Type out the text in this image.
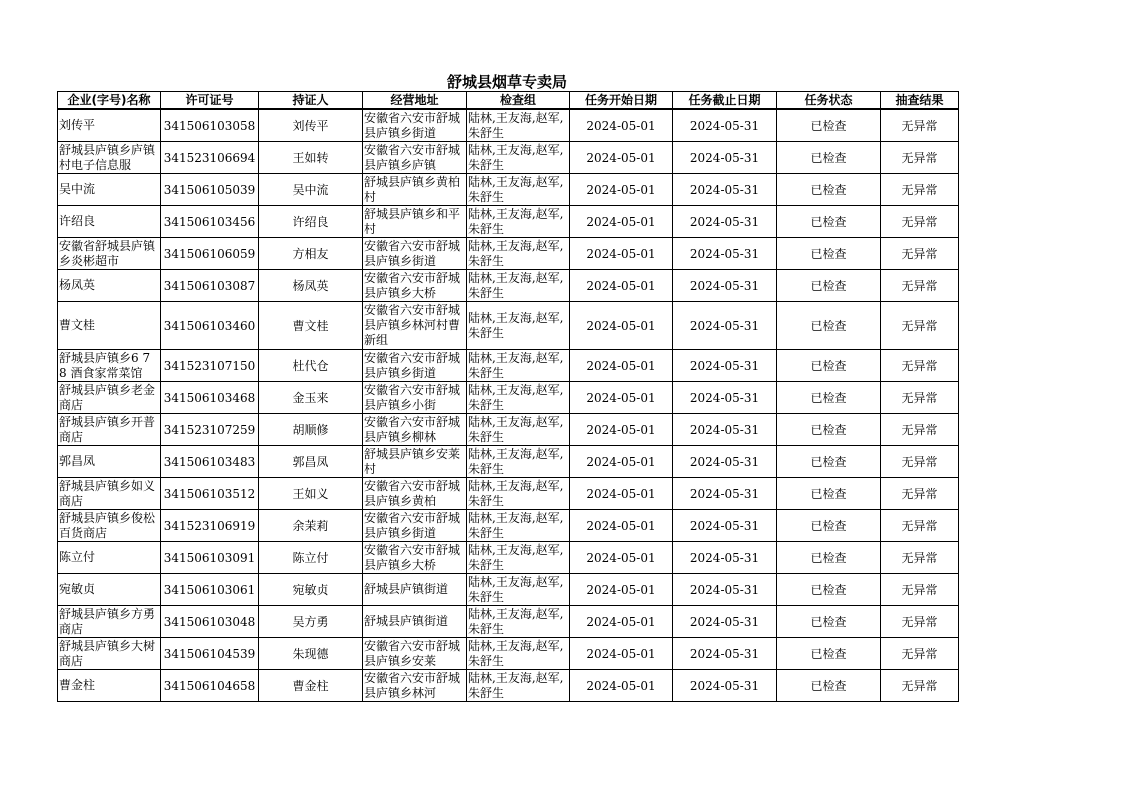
舒城县烟草专卖局
企业(字号)名称	许可证号	持证人	经营地址	检查组	任务开始日期	任务截止日期	任务状态	抽查结果

刘传平	341506103058	刘传平	安徽省六安市舒城县庐镇乡街道	陆林,王友海,赵军,朱舒生	2024-05-01	2024-05-31	已检查	无异常

舒城县庐镇乡庐镇村电子信息服	341523106694	王如转	安徽省六安市舒城县庐镇乡庐镇	陆林,王友海,赵军,朱舒生	2024-05-01	2024-05-31	已检查	无异常

吴中流	341506105039	吴中流	舒城县庐镇乡黄柏村	陆林,王友海,赵军,朱舒生	2024-05-01	2024-05-31	已检查	无异常

许绍良	341506103456	许绍良	舒城县庐镇乡和平村	陆林,王友海,赵军,朱舒生	2024-05-01	2024-05-31	已检查	无异常

安徽省舒城县庐镇乡炎彬超市	341506106059	方相友	安徽省六安市舒城县庐镇乡街道	陆林,王友海,赵军,朱舒生	2024-05-01	2024-05-31	已检查	无异常

杨凤英	341506103087	杨凤英	安徽省六安市舒城县庐镇乡大桥	陆林,王友海,赵军,朱舒生	2024-05-01	2024-05-31	已检查	无异常

曹文桂	341506103460	曹文桂	安徽省六安市舒城县庐镇乡林河村曹新组	陆林,王友海,赵军,朱舒生	2024-05-01	2024-05-31	已检查	无异常

舒城县庐镇乡6 7 8 酒食家常菜馆	341523107150	杜代仓	安徽省六安市舒城县庐镇乡街道	陆林,王友海,赵军,朱舒生	2024-05-01	2024-05-31	已检查	无异常

舒城县庐镇乡老金商店	341506103468	金玉来	安徽省六安市舒城县庐镇乡小街	陆林,王友海,赵军,朱舒生	2024-05-01	2024-05-31	已检查	无异常

舒城县庐镇乡开普商店	341523107259	胡顺修	安徽省六安市舒城县庐镇乡柳林	陆林,王友海,赵军,朱舒生	2024-05-01	2024-05-31	已检查	无异常

郭昌凤	341506103483	郭昌凤	舒城县庐镇乡安莱村	陆林,王友海,赵军,朱舒生	2024-05-01	2024-05-31	已检查	无异常

舒城县庐镇乡如义商店	341506103512	王如义	安徽省六安市舒城县庐镇乡黄柏	陆林,王友海,赵军,朱舒生	2024-05-01	2024-05-31	已检查	无异常

舒城县庐镇乡俊松百货商店	341523106919	余茉莉	安徽省六安市舒城县庐镇乡街道	陆林,王友海,赵军,朱舒生	2024-05-01	2024-05-31	已检查	无异常

陈立付	341506103091	陈立付	安徽省六安市舒城县庐镇乡大桥	陆林,王友海,赵军,朱舒生	2024-05-01	2024-05-31	已检查	无异常

宛敏贞	341506103061	宛敏贞	舒城县庐镇街道	陆林,王友海,赵军,朱舒生	2024-05-01	2024-05-31	已检查	无异常

舒城县庐镇乡方勇商店	341506103048	吴方勇	舒城县庐镇街道	陆林,王友海,赵军,朱舒生	2024-05-01	2024-05-31	已检查	无异常

舒城县庐镇乡大树商店	341506104539	朱现德	安徽省六安市舒城县庐镇乡安莱	陆林,王友海,赵军,朱舒生	2024-05-01	2024-05-31	已检查	无异常

曹金柱	341506104658	曹金柱	安徽省六安市舒城县庐镇乡林河	陆林,王友海,赵军,朱舒生	2024-05-01	2024-05-31	已检查	无异常
